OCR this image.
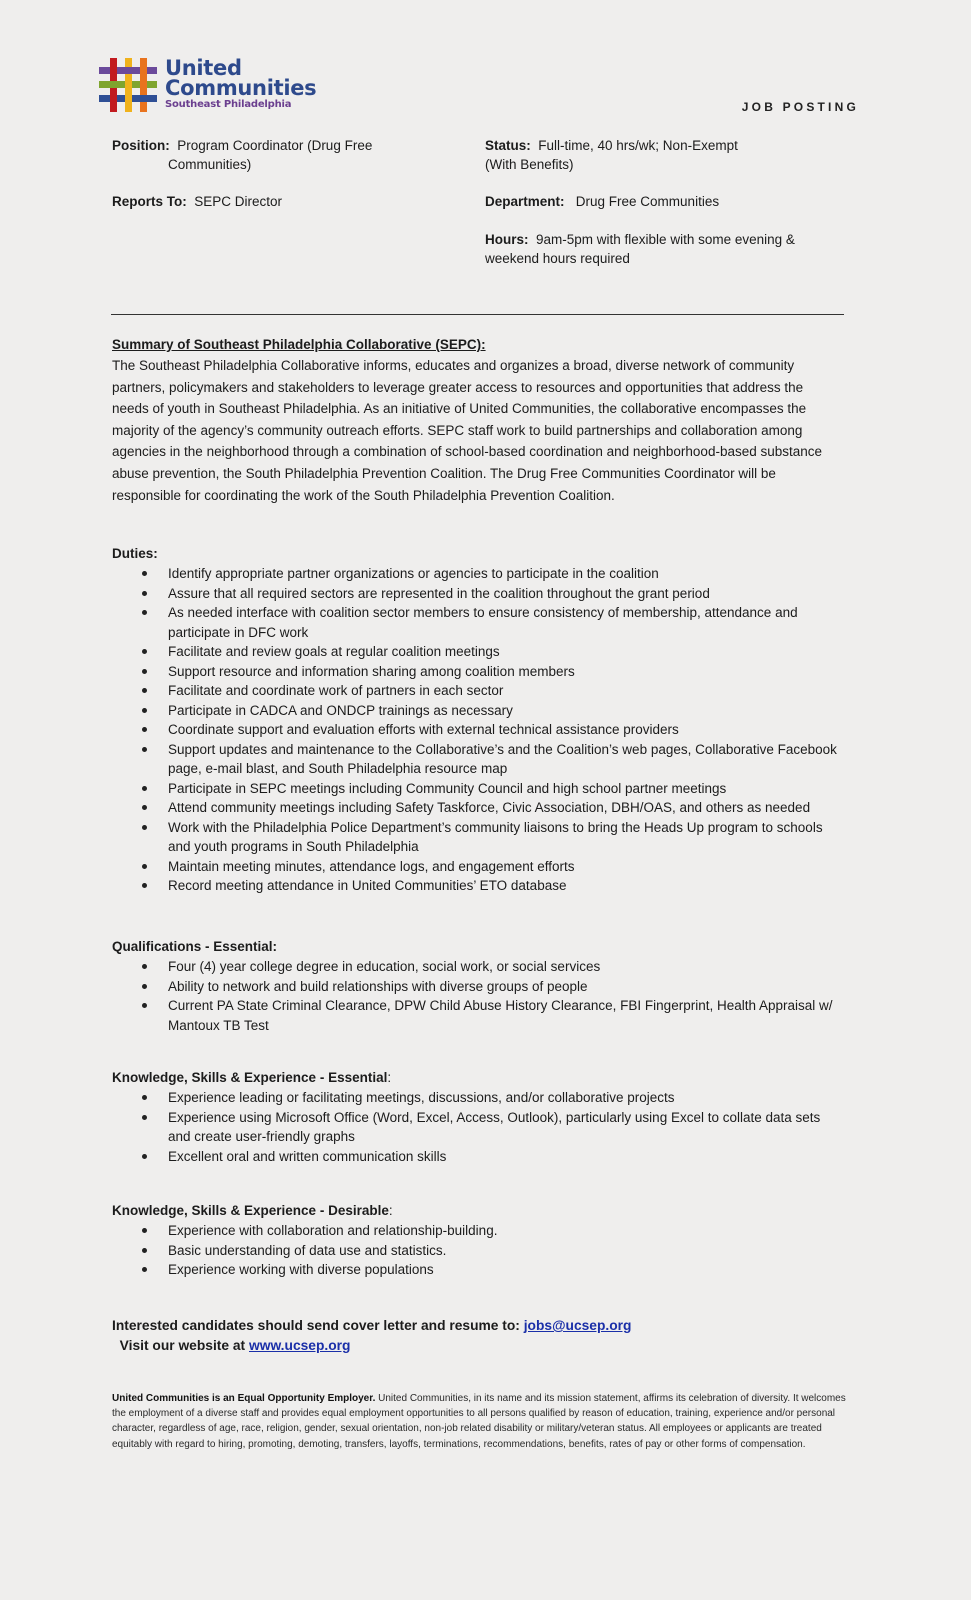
United
Communities
Southeast Philadelphia	JOB POSTING
Position: Program Coordinator (Drug Free
Communities)
Reports To: SEPC Director
Status: Full-time, 40 hrs/wk; Non-Exempt
(With Benefits)
Department: Drug Free Communities
Hours: 9am-5pm with flexible with some evening &
weekend hours required
Summary of Southeast Philadelphia Collaborative (SEPC):

The Southeast Philadelphia Collaborative informs, educates and organizes a broad, diverse network of community partners, policymakers and stakeholders to leverage greater access to resources and opportunities that address the needs of youth in Southeast Philadelphia. As an initiative of United Communities, the collaborative encompasses the majority of the agency’s community outreach efforts. SEPC staff work to build partnerships and collaboration among agencies in the neighborhood through a combination of school-based coordination and neighborhood-based substance abuse prevention, the South Philadelphia Prevention Coalition. The Drug Free Communities Coordinator will be responsible for coordinating the work of the South Philadelphia Prevention Coalition.

Duties:
Identify appropriate partner organizations or agencies to participate in the coalition
Assure that all required sectors are represented in the coalition throughout the grant period
As needed interface with coalition sector members to ensure consistency of membership, attendance and participate in DFC work
Facilitate and review goals at regular coalition meetings
Support resource and information sharing among coalition members
Facilitate and coordinate work of partners in each sector
Participate in CADCA and ONDCP trainings as necessary
Coordinate support and evaluation efforts with external technical assistance providers
Support updates and maintenance to the Collaborative’s and the Coalition’s web pages, Collaborative Facebook page, e-mail blast, and South Philadelphia resource map
Participate in SEPC meetings including Community Council and high school partner meetings
Attend community meetings including Safety Taskforce, Civic Association, DBH/OAS, and others as needed
Work with the Philadelphia Police Department’s community liaisons to bring the Heads Up program to schools and youth programs in South Philadelphia
Maintain meeting minutes, attendance logs, and engagement efforts
Record meeting attendance in United Communities’ ETO database
Qualifications - Essential:
Four (4) year college degree in education, social work, or social services
Ability to network and build relationships with diverse groups of people
Current PA State Criminal Clearance, DPW Child Abuse History Clearance, FBI Fingerprint, Health Appraisal w/ Mantoux TB Test
Knowledge, Skills & Experience - Essential:
Experience leading or facilitating meetings, discussions, and/or collaborative projects
Experience using Microsoft Office (Word, Excel, Access, Outlook), particularly using Excel to collate data sets and create user-friendly graphs
Excellent oral and written communication skills
Knowledge, Skills & Experience - Desirable:
Experience with collaboration and relationship-building.
Basic understanding of data use and statistics.
Experience working with diverse populations
Interested candidates should send cover letter and resume to: jobs@ucsep.org  Visit our website at www.ucsep.org
United Communities is an Equal Opportunity Employer. United Communities, in its name and its mission statement, affirms its celebration of diversity. It welcomes the employment of a diverse staff and provides equal employment opportunities to all persons qualified by reason of education, training, experience and/or personal character, regardless of age, race, religion, gender, sexual orientation, non-job related disability or military/veteran status. All employees or applicants are treated equitably with regard to hiring, promoting, demoting, transfers, layoffs, terminations, recommendations, benefits, rates of pay or other forms of compensation.
